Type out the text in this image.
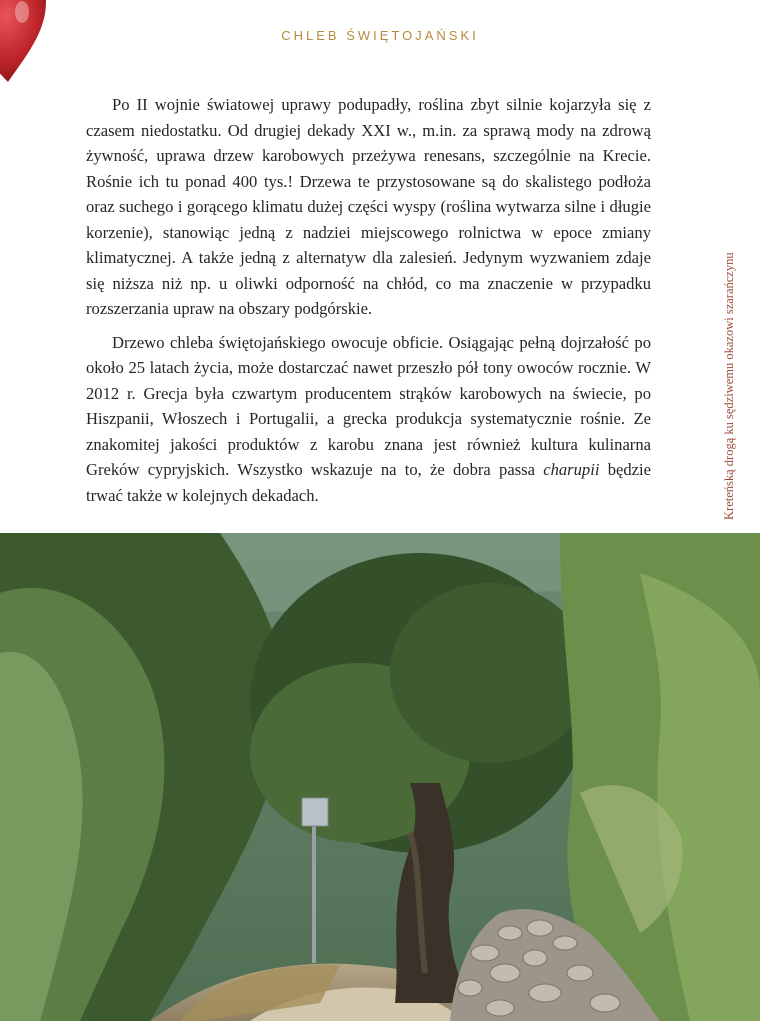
CHLEB ŚWIĘTOJAŃSKI

Po II wojnie światowej uprawy podupadły, roślina zbyt silnie kojarzyła się z czasem niedostatku. Od drugiej dekady XXI w., m.in. za sprawą mody na zdrową żywność, uprawa drzew karobowych przeżywa renesans, szczególnie na Krecie. Rośnie ich tu ponad 400 tys.! Drzewa te przystosowane są do skalistego podłoża oraz suchego i gorącego klimatu dużej części wyspy (roślina wytwarza silne i długie korzenie), stanowiąc jedną z nadziei miejscowego rolnictwa w epoce zmiany klimatycznej. A także jedną z alternatyw dla zalesień. Jedynym wyzwaniem zdaje się niższa niż np. u oliwki odporność na chłód, co ma znaczenie w przypadku rozszerzania upraw na obszary podgórskie.

Drzewo chleba świętojańskiego owocuje obficie. Osiągając pełną dojrzałość po około 25 latach życia, może dostarczać nawet przeszło pół tony owoców rocznie. W 2012 r. Grecja była czwartym producentem strąków karobowych na świecie, po Hiszpanii, Włoszech i Portugalii, a grecka produkcja systematycznie rośnie. Ze znakomitej jakości produktów z karobu znana jest również kultura kulinarna Greków cypryjskich. Wszystko wskazuje na to, że dobra passa charupii będzie trwać także w kolejnych dekadach.	Kreteńską drogą ku sędziwemu okazowi szarańczynu
